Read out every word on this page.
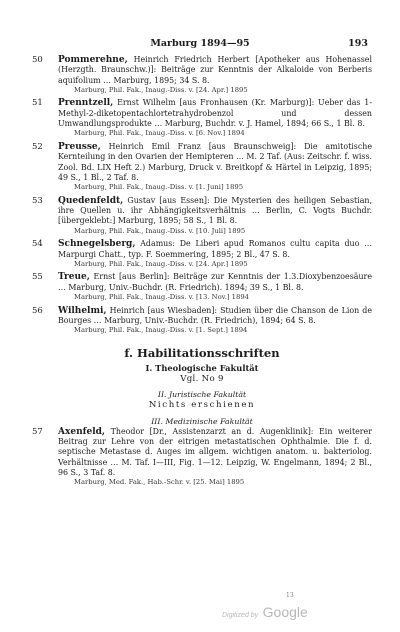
Marburg 1894—95	193
50 Pommerehne, Heinrich Friedrich Herbert [Apotheker aus Hohenassel (Herzgth. Braunschw.)]: Beiträge zur Kenntnis der Alkaloide von Berberis aquifolium … Marburg, 1895; 34 S. 8.
Marburg, Phil. Fak., Inaug.-Diss. v. [24. Apr.] 1895
51 Prenntzell, Ernst Wilhelm [aus Fronhausen (Kr. Marburg)]: Ueber das 1-Methyl-2-diketopentachlortetrahydrobenzol und dessen Umwandlungsprodukte … Marburg, Buchdr. v. J. Hamel, 1894; 66 S., 1 Bl. 8.
Marburg, Phil. Fak., Inaug.-Diss. v. [6. Nov.] 1894
52 Preusse, Heinrich Emil Franz [aus Braunschweig]: Die amitotische Kernteilung in den Ovarien der Hemipteren … M. 2 Taf. (Aus: Zeitschr. f. wiss. Zool. Bd. LIX Heft 2.) Marburg, Druck v. Breitkopf & Härtel in Leipzig, 1895; 49 S., 1 Bl., 2 Taf. 8.
Marburg, Phil. Fak., Inaug.-Diss. v. [1. Juni] 1895
53 Quedenfeldt, Gustav [aus Essen]: Die Mysterien des heiligen Sebastian, ihre Quellen u. ihr Abhängigkeitsverhältnis … Berlin, C. Vogts Buchdr. [übergeklebt:] Marburg, 1895; 58 S., 1 Bl. 8.
Marburg, Phil. Fak., Inaug.-Diss. v. [10. Juli] 1895
54 Schnegelsberg, Adamus: De Liberi apud Romanos cultu capita duo … Marpurgi Chatt., typ. F. Soemmering, 1895; 2 Bl., 47 S. 8.
Marburg, Phil. Fak., Inaug.-Diss. v. [24. Apr.] 1895
55 Treue, Ernst [aus Berlin]: Beiträge zur Kenntnis der 1.3.Dioxybenzoesäure … Marburg, Univ.-Buchdr. (R. Friedrich). 1894; 39 S., 1 Bl. 8.
Marburg, Phil. Fak., Inaug.-Diss. v. [13. Nov.] 1894
56 Wilhelmi, Heinrich [aus Wiesbaden]: Studien über die Chanson de Lion de Bourges … Marburg, Univ.-Buchdr. (R. Friedrich), 1894; 64 S. 8.
Marburg, Phil. Fak., Inaug.-Diss. v. [1. Sept.] 1894
f. Habilitationsschriften
I. Theologische Fakultät
Vgl. No 9
II. Juristische Fakultät
Nichts erschienen
III. Medizinische Fakultät
57 Axenfeld, Theodor [Dr., Assistenzarzt an d. Augenklinik]: Ein weiterer Beitrag zur Lehre von der eitrigen metastatischen Ophthalmie. Die f. d. septische Metastase d. Auges im allgem. wichtigen anatom. u. bakteriolog. Verhältnisse … M. Taf. I—III, Fig. 1—12. Leipzig, W. Engelmann, 1894; 2 Bl., 96 S., 3 Taf. 8.
Marburg, Med. Fak., Hab.-Schr. v. [25. Mai] 1895
13
Digitized by Google
